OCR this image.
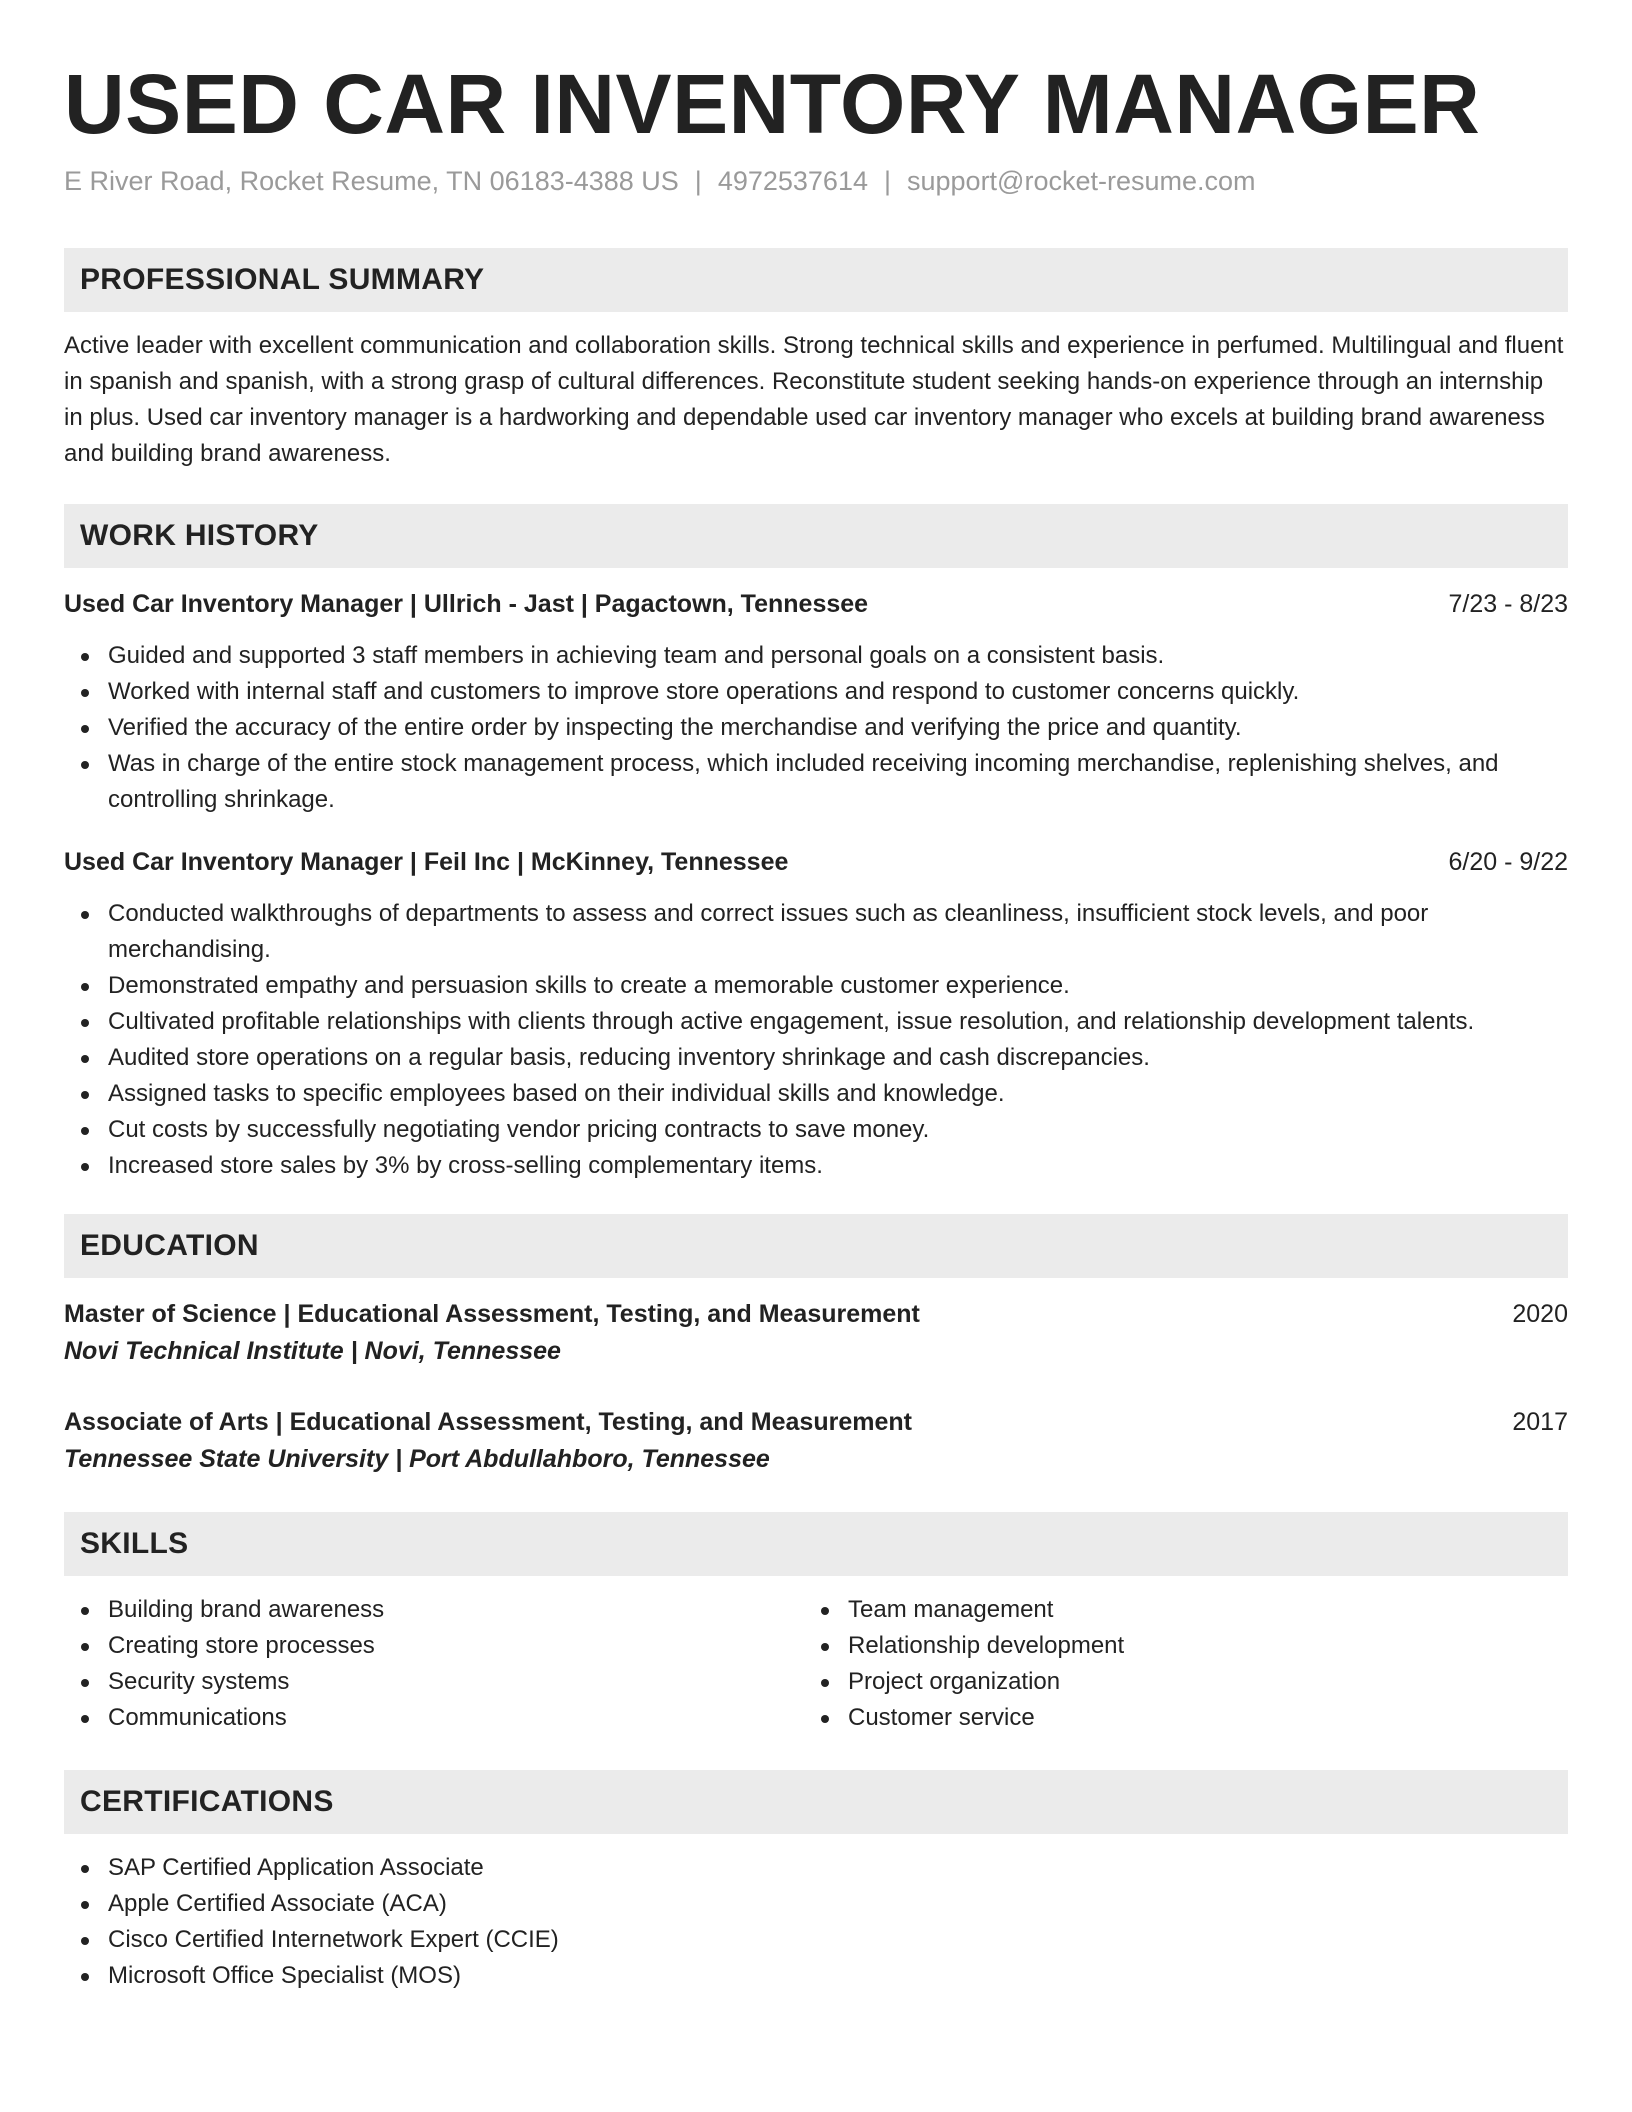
USED CAR INVENTORY MANAGER
E River Road, Rocket Resume, TN 06183-4388 US | 4972537614 | support@rocket-resume.com
PROFESSIONAL SUMMARY

Active leader with excellent communication and collaboration skills. Strong technical skills and experience in perfumed. Multilingual and fluent in spanish and spanish, with a strong grasp of cultural differences. Reconstitute student seeking hands-on experience through an internship in plus. Used car inventory manager is a hardworking and dependable used car inventory manager who excels at building brand awareness and building brand awareness.

WORK HISTORY
Used Car Inventory Manager | Ullrich - Jast | Pagactown, Tennessee	7/23 - 8/23
Guided and supported 3 staff members in achieving team and personal goals on a consistent basis.
Worked with internal staff and customers to improve store operations and respond to customer concerns quickly.
Verified the accuracy of the entire order by inspecting the merchandise and verifying the price and quantity.
Was in charge of the entire stock management process, which included receiving incoming merchandise, replenishing shelves, and controlling shrinkage.
Used Car Inventory Manager | Feil Inc | McKinney, Tennessee	6/20 - 9/22
Conducted walkthroughs of departments to assess and correct issues such as cleanliness, insufficient stock levels, and poor merchandising.
Demonstrated empathy and persuasion skills to create a memorable customer experience.
Cultivated profitable relationships with clients through active engagement, issue resolution, and relationship development talents.
Audited store operations on a regular basis, reducing inventory shrinkage and cash discrepancies.
Assigned tasks to specific employees based on their individual skills and knowledge.
Cut costs by successfully negotiating vendor pricing contracts to save money.
Increased store sales by 3% by cross-selling complementary items.
EDUCATION
Master of Science | Educational Assessment, Testing, and Measurement	2020
Novi Technical Institute | Novi, Tennessee
Associate of Arts | Educational Assessment, Testing, and Measurement	2017
Tennessee State University | Port Abdullahboro, Tennessee
SKILLS
Building brand awareness
Creating store processes
Security systems
Communications
Team management
Relationship development
Project organization
Customer service
CERTIFICATIONS
SAP Certified Application Associate
Apple Certified Associate (ACA)
Cisco Certified Internetwork Expert (CCIE)
Microsoft Office Specialist (MOS)
